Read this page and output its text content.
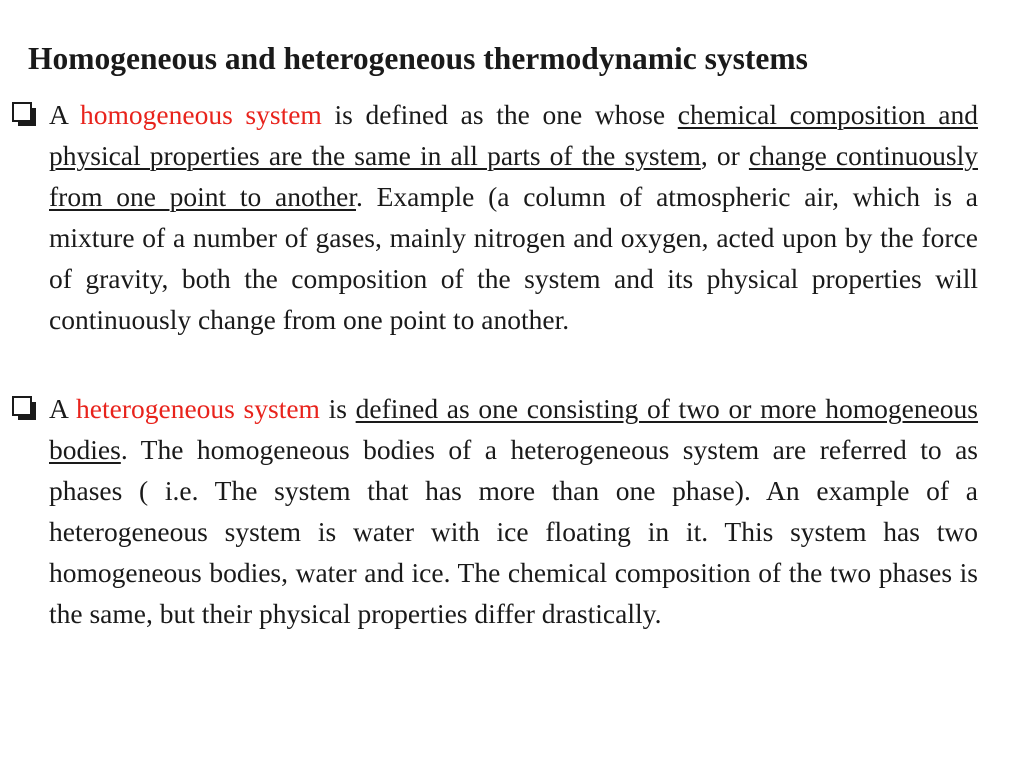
Homogeneous and heterogeneous thermodynamic systems

A homogeneous system is defined as the one whose chemical composition and physical properties are the same in all parts of the system, or change continuously from one point to another. Example (a column of atmospheric air, which is a mixture of a number of gases, mainly nitrogen and oxygen, acted upon by the force of gravity, both the composition of the system and its physical properties will continuously change from one point to another.

A heterogeneous system is defined as one consisting of two or more homogeneous bodies. The homogeneous bodies of a heterogeneous system are referred to as phases ( i.e. The system that has more than one phase). An example of a heterogeneous system is water with ice floating in it. This system has two homogeneous bodies, water and ice. The chemical composition of the two phases is the same, but their physical properties differ drastically.
